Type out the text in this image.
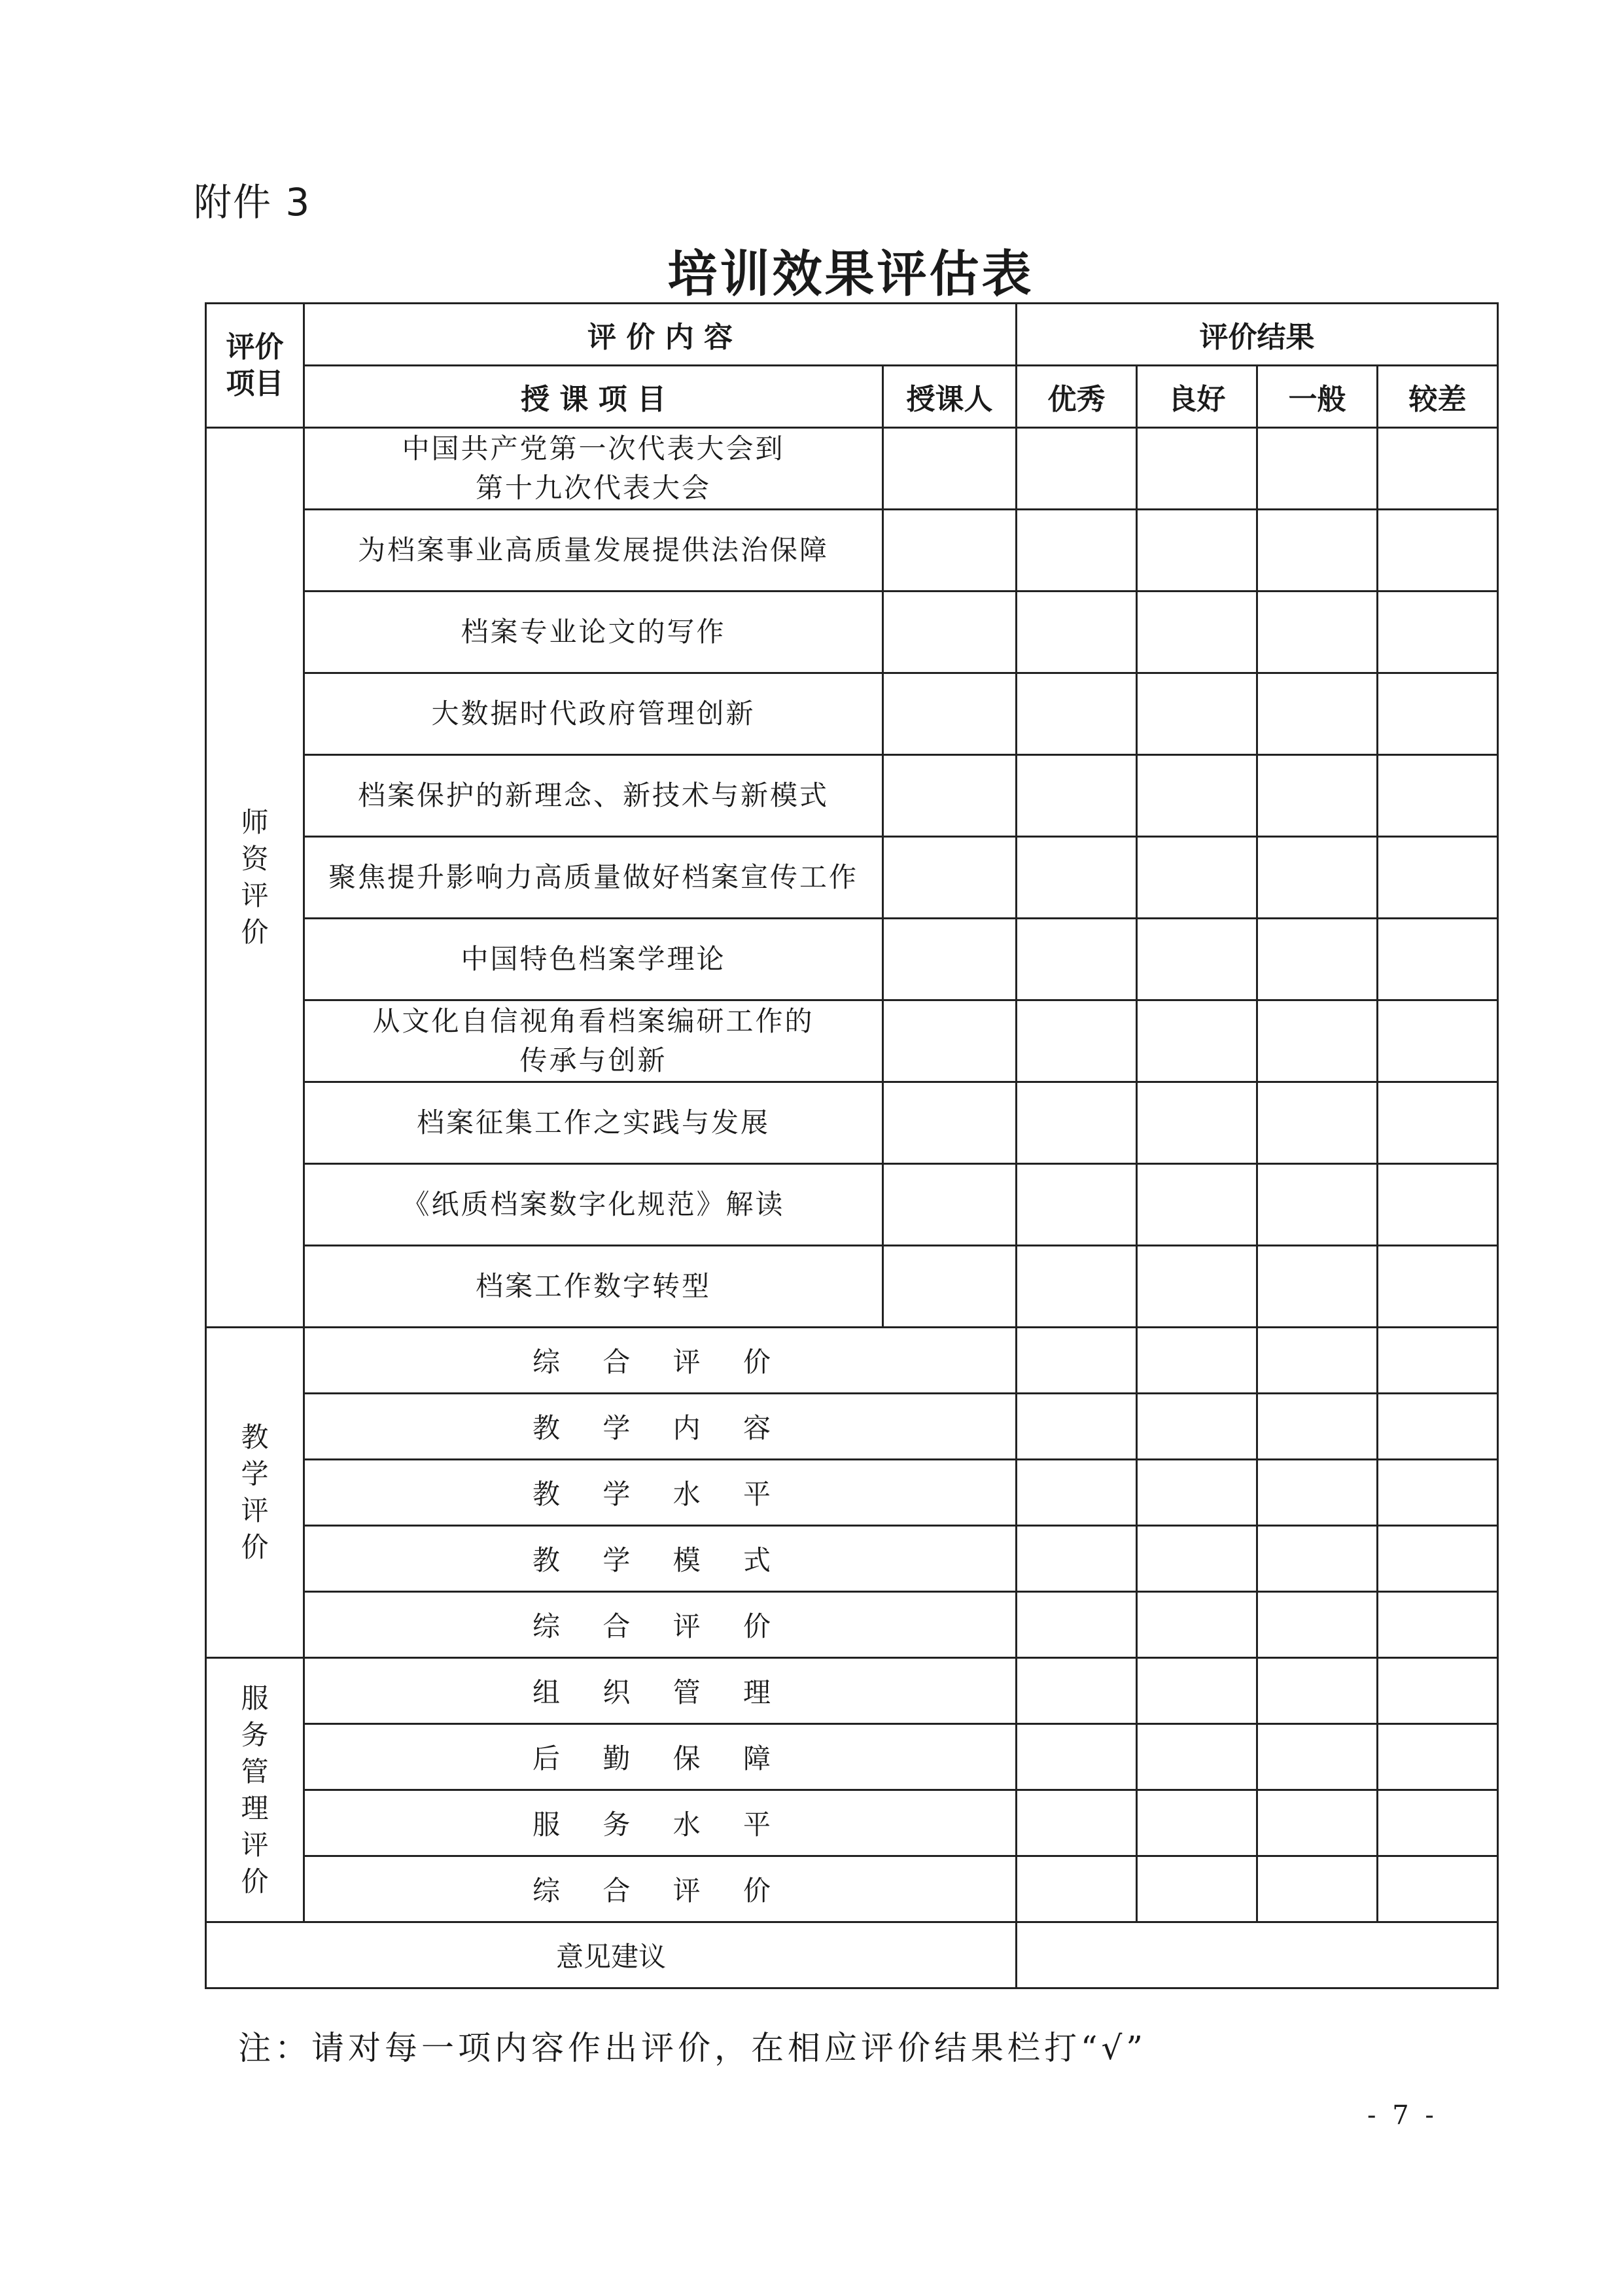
附件 3
培训效果评估表
评价项目	评 价 内 容		评价结果			
	授 课 项 目	授课人	优秀	良好	一般	较差
师资评价	中国共产党第一次代表大会到
第十九次代表大会					
	为档案事业高质量发展提供法治保障					
	档案专业论文的写作					
	大数据时代政府管理创新					
	档案保护的新理念、新技术与新模式					
	聚焦提升影响力高质量做好档案宣传工作					
	中国特色档案学理论					
	从文化自信视角看档案编研工作的
传承与创新					
	档案征集工作之实践与发展					
	《纸质档案数字化规范》解读					
	档案工作数字转型					
教学评价	综 合 评 价					
	教 学 内 容					
	教 学 水 平					
	教 学 模 式					
	综 合 评 价					
服务管理评价	组 织 管 理					
	后 勤 保 障					
	服 务 水 平					
	综 合 评 价					
意见建议						
注：请对每一项内容作出评价，在相应评价结果栏打“√”
- 7 -
